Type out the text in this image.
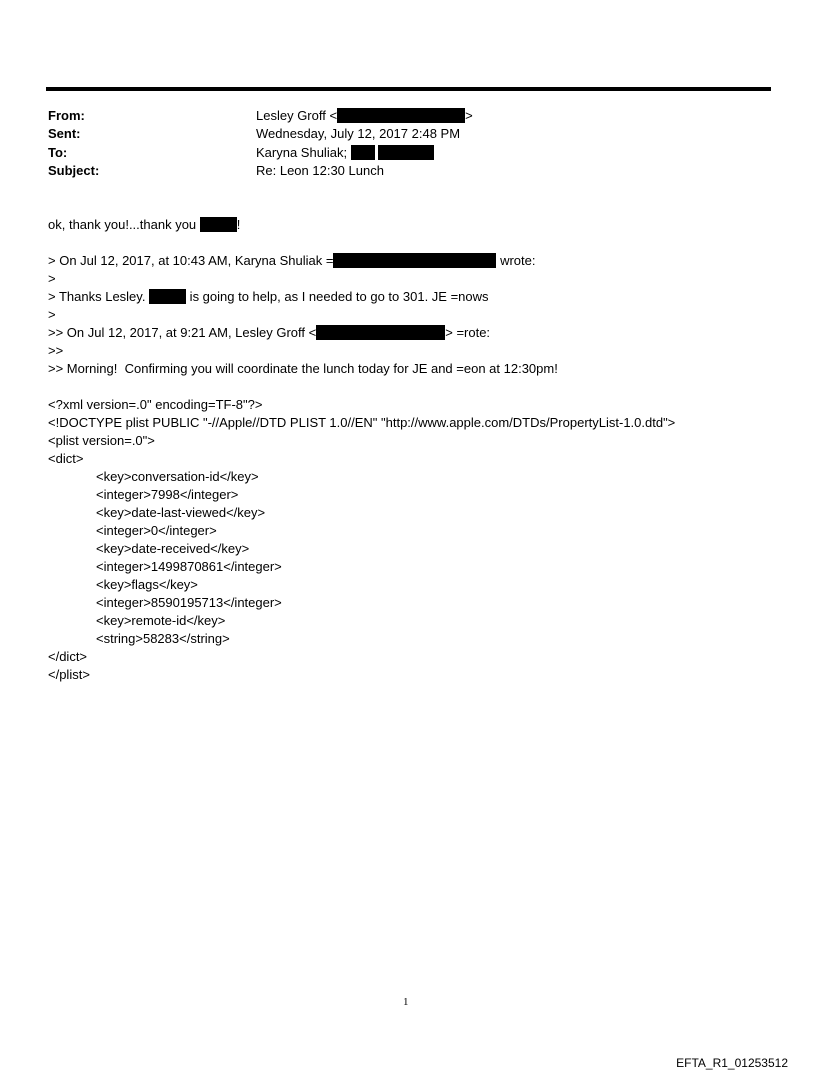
From:	Lesley Groff <	>
Sent:	Wednesday, July 12, 2017 2:48 PM
To:	Karyna Shuliak;
Subject:	Re: Leon 12:30 Lunch
ok, thank you!...thank you	!
> On Jul 12, 2017, at 10:43 AM, Karyna Shuliak =	wrote:
>
> Thanks Lesley.	is going to help, as I needed to go to 301. JE =nows
>
>> On Jul 12, 2017, at 9:21 AM, Lesley Groff <	> =rote:
>>
>> Morning!  Confirming you will coordinate the lunch today for JE and =eon at 12:30pm!
<?xml version=.0" encoding=TF-8"?>
<!DOCTYPE plist PUBLIC "-//Apple//DTD PLIST 1.0//EN" "http://www.apple.com/DTDs/PropertyList-1.0.dtd">
<plist version=.0">
<dict>
<key>conversation-id</key>
<integer>7998</integer>
<key>date-last-viewed</key>
<integer>0</integer>
<key>date-received</key>
<integer>1499870861</integer>
<key>flags</key>
<integer>8590195713</integer>
<key>remote-id</key>
<string>58283</string>
</dict>
</plist>
1
EFTA_R1_01253512
